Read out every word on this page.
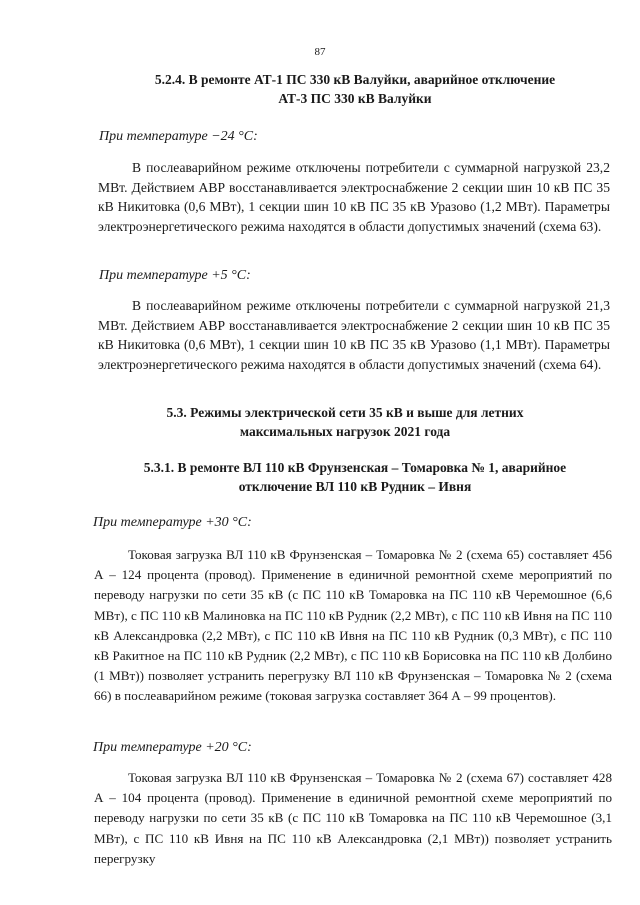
87
5.2.4. В ремонте АТ-1 ПС 330 кВ Валуйки, аварийное отключение
АТ-3 ПС 330 кВ Валуйки
При температуре −24 °С:

В послеаварийном режиме отключены потребители с суммарной нагрузкой 23,2 МВт. Действием АВР восстанавливается электроснабжение 2 секции шин 10 кВ ПС 35 кВ Никитовка (0,6 МВт), 1 секции шин 10 кВ ПС 35 кВ Уразово (1,2 МВт). Параметры электроэнергетического режима находятся в области допустимых значений (схема 63).

При температуре +5 °С:

В послеаварийном режиме отключены потребители с суммарной нагрузкой 21,3 МВт. Действием АВР восстанавливается электроснабжение 2 секции шин 10 кВ ПС 35 кВ Никитовка (0,6 МВт), 1 секции шин 10 кВ ПС 35 кВ Уразово (1,1 МВт). Параметры электроэнергетического режима находятся в области допустимых значений (схема 64).

5.3. Режимы электрической сети 35 кВ и выше для летних
максимальных нагрузок 2021 года
5.3.1. В ремонте ВЛ 110 кВ Фрунзенская – Томаровка № 1, аварийное
отключение ВЛ 110 кВ Рудник – Ивня
При температуре +30 °С:

Токовая загрузка ВЛ 110 кВ Фрунзенская – Томаровка № 2 (схема 65) составляет 456 А – 124 процента (провод). Применение в единичной ремонтной схеме мероприятий по переводу нагрузки по сети 35 кВ (с ПС 110 кВ Томаровка на ПС 110 кВ Черемошное (6,6 МВт), с ПС 110 кВ Малиновка на ПС 110 кВ Рудник (2,2 МВт), с ПС 110 кВ Ивня на ПС 110 кВ Александровка (2,2 МВт), с ПС 110 кВ Ивня на ПС 110 кВ Рудник (0,3 МВт), с ПС 110 кВ Ракитное на ПС 110 кВ Рудник (2,2 МВт), с ПС 110 кВ Борисовка на ПС 110 кВ Долбино (1 МВт)) позволяет устранить перегрузку ВЛ 110 кВ Фрунзенская – Томаровка № 2 (схема 66) в послеаварийном режиме (токовая загрузка составляет 364 А – 99 процентов).

При температуре +20 °С:

Токовая загрузка ВЛ 110 кВ Фрунзенская – Томаровка № 2 (схема 67) составляет 428 А – 104 процента (провод). Применение в единичной ремонтной схеме мероприятий по переводу нагрузки по сети 35 кВ (с ПС 110 кВ Томаровка на ПС 110 кВ Черемошное (3,1 МВт), с ПС 110 кВ Ивня на ПС 110 кВ Александровка (2,1 МВт)) позволяет устранить перегрузку
